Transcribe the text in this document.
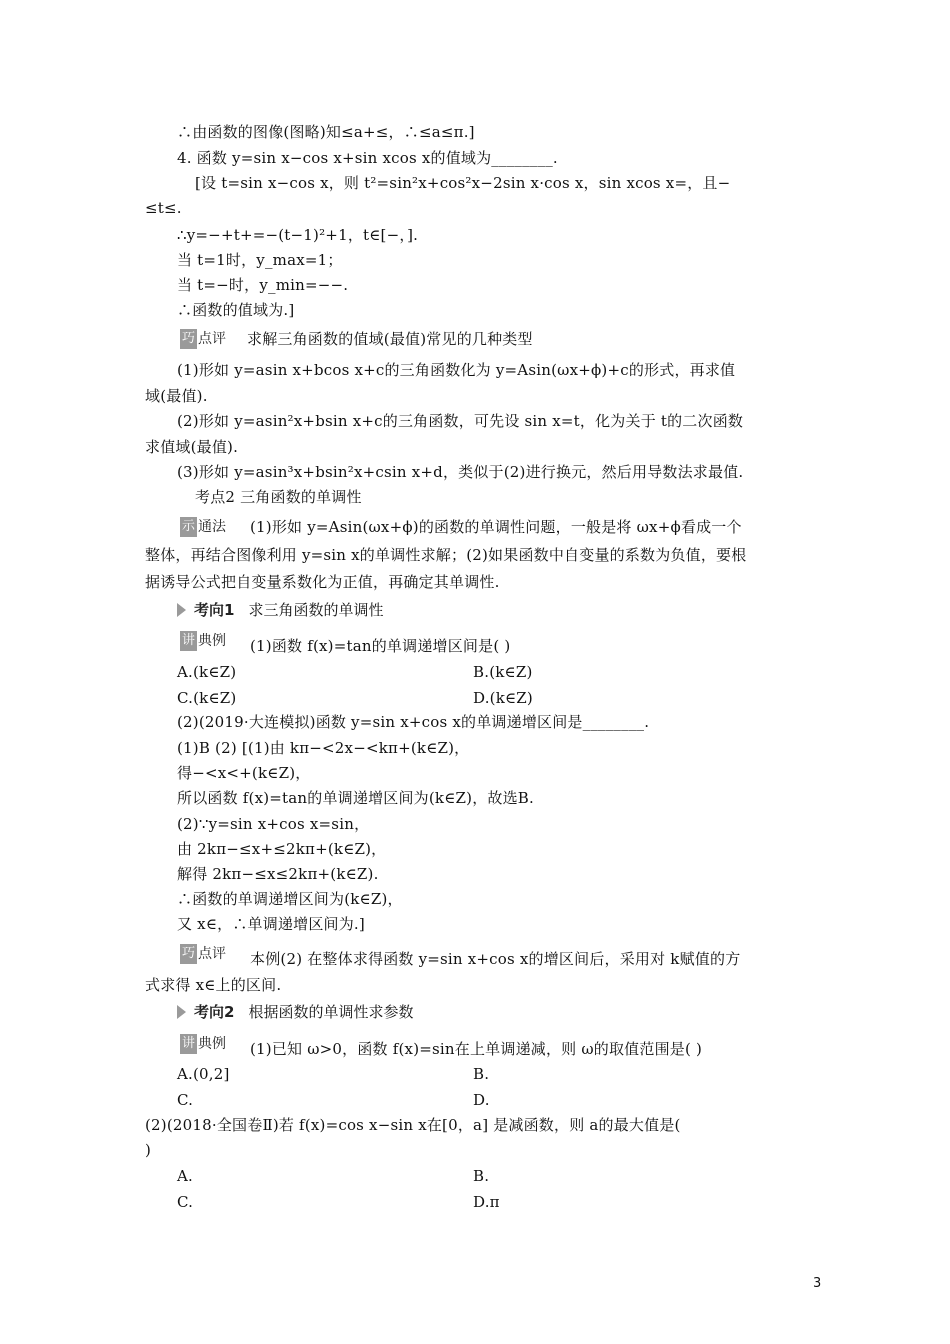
∴由函数的图像(图略)知≤a+≤，∴≤a≤π.]
4. 函数 y=sin x−cos x+sin xcos x的值域为________.
[设 t=sin x−cos x，则 t²=sin²x+cos²x−2sin x·cos x，sin xcos x=，且−
≤t≤.
∴y=−+t+=−(t−1)²+1，t∈[−，].
当 t=1时，y_max=1；
当 t=−时，y_min=−−.
∴函数的值域为.]
巧 点评 求解三角函数的值域(最值)常见的几种类型
(1)形如 y=asin x+bcos x+c的三角函数化为 y=Asin(ωx+ϕ)+c的形式，再求值
域(最值).
(2)形如 y=asin²x+bsin x+c的三角函数，可先设 sin x=t，化为关于 t的二次函数
求值域(最值).
(3)形如 y=asin³x+bsin²x+csin x+d，类似于(2)进行换元，然后用导数法求最值.
考点2 三角函数的单调性
示 通法 (1)形如 y=Asin(ωx+ϕ)的函数的单调性问题，一般是将 ωx+ϕ看成一个
整体，再结合图像利用 y=sin x的单调性求解；(2)如果函数中自变量的系数为负值，要根
据诱导公式把自变量系数化为正值，再确定其单调性.
考向1 求三角函数的单调性
讲 典例 (1)函数 f(x)=tan的单调递增区间是( )
A.(k∈Z)	B.(k∈Z)
C.(k∈Z)	D.(k∈Z)
(2)(2019·大连模拟)函数 y=sin x+cos x的单调递增区间是________.
(1)B (2) [(1)由 kπ−<2x−<kπ+(k∈Z)，
得−<x<+(k∈Z)，
所以函数 f(x)=tan的单调递增区间为(k∈Z)，故选B.
(2)∵y=sin x+cos x=sin，
由 2kπ−≤x+≤2kπ+(k∈Z)，
解得 2kπ−≤x≤2kπ+(k∈Z).
∴函数的单调递增区间为(k∈Z)，
又 x∈，∴单调递增区间为.]
巧 点评 本例(2) 在整体求得函数 y=sin x+cos x的增区间后，采用对 k赋值的方
式求得 x∈上的区间.
考向2 根据函数的单调性求参数
讲 典例 (1)已知 ω>0，函数 f(x)=sin在上单调递减，则 ω的取值范围是( )
A.(0,2]	B.
C.	D.
(2)(2018·全国卷Ⅱ)若 f(x)=cos x−sin x在[0，a] 是减函数，则 a的最大值是(
)
A.	B.
C.	D.π
3
